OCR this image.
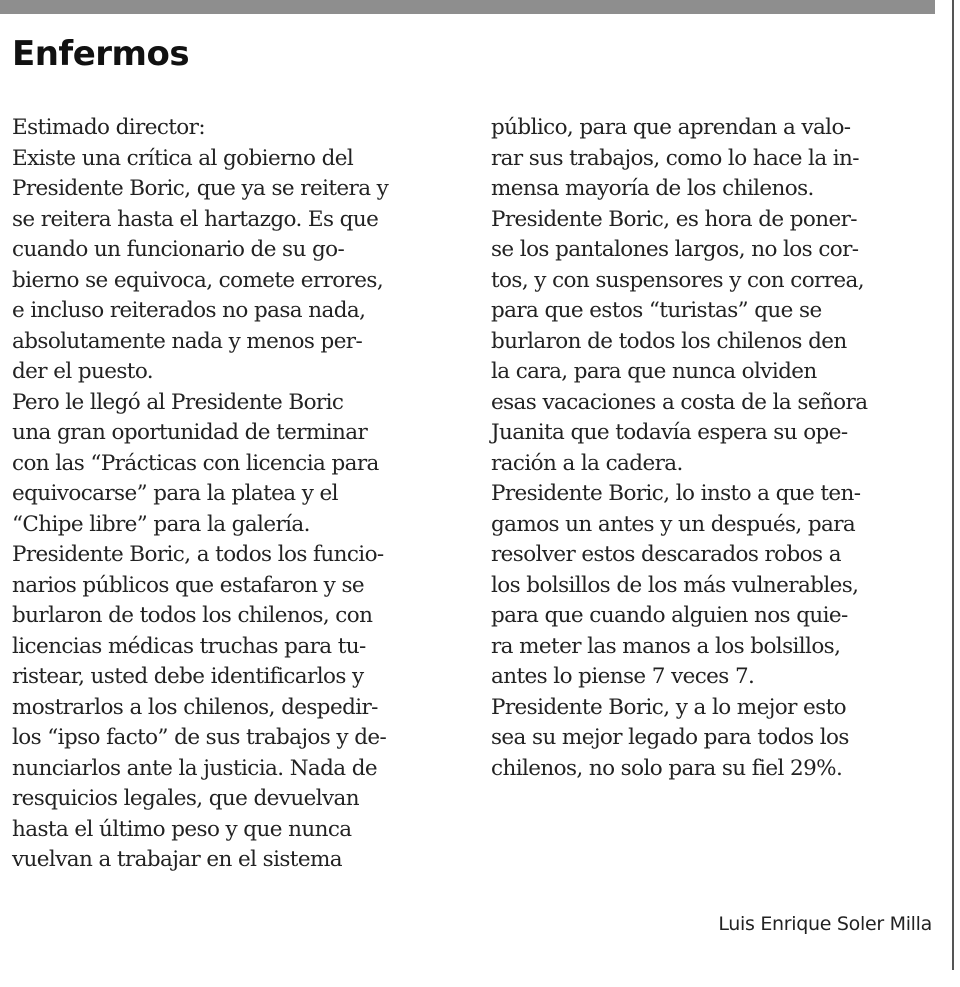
Enfermos
Estimado director:
Existe una crítica al gobierno del
Presidente Boric, que ya se reitera y
se reitera hasta el hartazgo. Es que
cuando un funcionario de su go-
bierno se equivoca, comete errores,
e incluso reiterados no pasa nada,
absolutamente nada y menos per-
der el puesto.
Pero le llegó al Presidente Boric
una gran oportunidad de terminar
con las “Prácticas con licencia para
equivocarse” para la platea y el
“Chipe libre” para la galería.
Presidente Boric, a todos los funcio-
narios públicos que estafaron y se
burlaron de todos los chilenos, con
licencias médicas truchas para tu-
ristear, usted debe identificarlos y
mostrarlos a los chilenos, despedir-
los “ipso facto” de sus trabajos y de-
nunciarlos ante la justicia. Nada de
resquicios legales, que devuelvan
hasta el último peso y que nunca
vuelvan a trabajar en el sistema
público, para que aprendan a valo-
rar sus trabajos, como lo hace la in-
mensa mayoría de los chilenos.
Presidente Boric, es hora de poner-
se los pantalones largos, no los cor-
tos, y con suspensores y con correa,
para que estos “turistas” que se
burlaron de todos los chilenos den
la cara, para que nunca olviden
esas vacaciones a costa de la señora
Juanita que todavía espera su ope-
ración a la cadera.
Presidente Boric, lo insto a que ten-
gamos un antes y un después, para
resolver estos descarados robos a
los bolsillos de los más vulnerables,
para que cuando alguien nos quie-
ra meter las manos a los bolsillos,
antes lo piense 7 veces 7.
Presidente Boric, y a lo mejor esto
sea su mejor legado para todos los
chilenos, no solo para su fiel 29%.
Luis Enrique Soler Milla
